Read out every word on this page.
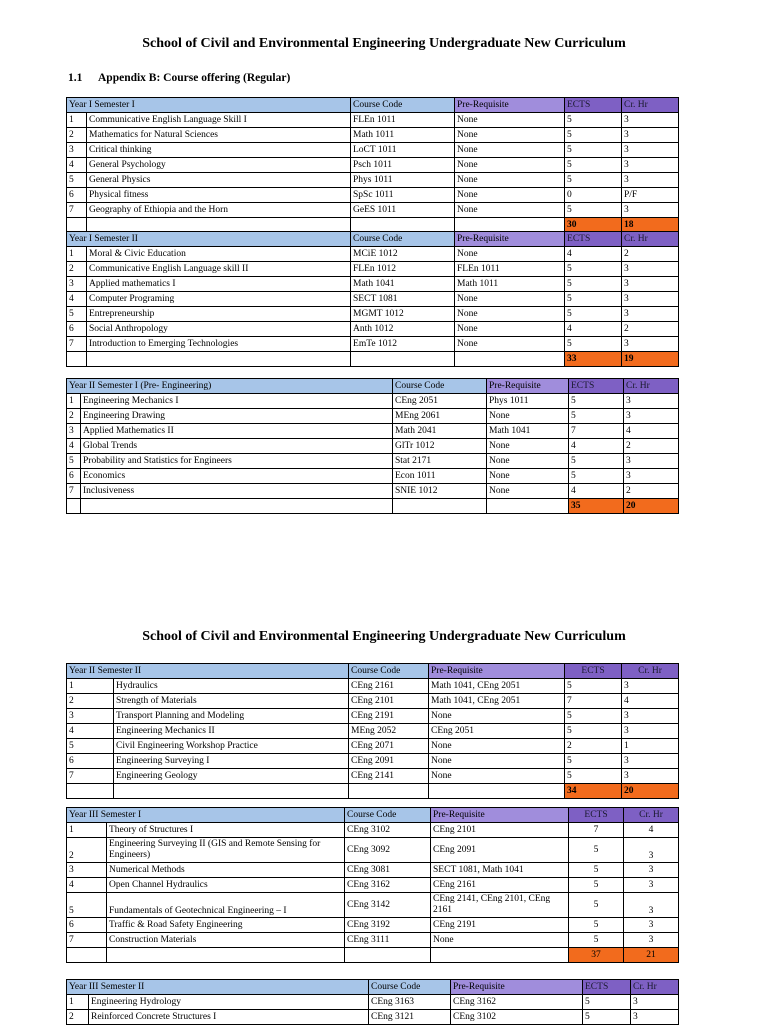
School of Civil and Environmental Engineering Undergraduate New Curriculum
1.1 Appendix B: Course offering (Regular)
Year I Semester I		Course Code	Pre-Requisite	ECTS	Cr. Hr
1	Communicative English Language Skill I	FLEn 1011	None	5	3
2	Mathematics for Natural Sciences	Math 1011	None	5	3
3	Critical thinking	LoCT 1011	None	5	3
4	General Psychology	Psch 1011	None	5	3
5	General Physics	Phys 1011	None	5	3
6	Physical fitness	SpSc 1011	None	0	P/F
7	Geography of Ethiopia and the Horn	GeES 1011	None	5	3
				30	18
Year I Semester II		Course Code	Pre-Requisite	ECTS	Cr. Hr
1	Moral & Civic Education	MCiE 1012	None	4	2
2	Communicative English Language skill II	FLEn 1012	FLEn 1011	5	3
3	Applied mathematics I	Math 1041	Math 1011	5	3
4	Computer Programing	SECT 1081	None	5	3
5	Entrepreneurship	MGMT 1012	None	5	3
6	Social Anthropology	Anth 1012	None	4	2
7	Introduction to Emerging Technologies	EmTe 1012	None	5	3
				33	19
Year II Semester I (Pre- Engineering)		Course Code	Pre-Requisite	ECTS	Cr. Hr
1	Engineering Mechanics I	CEng 2051	Phys 1011	5	3
2	Engineering Drawing	MEng 2061	None	5	3
3	Applied Mathematics II	Math 2041	Math 1041	7	4
4	Global Trends	GlTr 1012	None	4	2
5	Probability and Statistics for Engineers	Stat 2171	None	5	3
6	Economics	Econ 1011	None	5	3
7	Inclusiveness	SNIE 1012	None	4	2
				35	20
School of Civil and Environmental Engineering Undergraduate New Curriculum
Year II Semester II		Course Code	Pre-Requisite	ECTS	Cr. Hr
1	Hydraulics	CEng 2161	Math 1041, CEng 2051	5	3
2	Strength of Materials	CEng 2101	Math 1041, CEng 2051	7	4
3	Transport Planning and Modeling	CEng 2191	None	5	3
4	Engineering Mechanics II	MEng 2052	CEng 2051	5	3
5	Civil Engineering Workshop Practice	CEng 2071	None	2	1
6	Engineering Surveying I	CEng 2091	None	5	3
7	Engineering Geology	CEng 2141	None	5	3
				34	20
Year III Semester I		Course Code	Pre-Requisite	ECTS	Cr. Hr
1	Theory of Structures I	CEng 3102	CEng 2101	7	4
2	Engineering Surveying II (GIS and Remote Sensing for Engineers)	CEng 3092	CEng 2091	5	3
3	Numerical Methods	CEng 3081	SECT 1081, Math 1041	5	3
4	Open Channel Hydraulics	CEng 3162	CEng 2161	5	3
5	Fundamentals of Geotechnical Engineering – I	CEng 3142	CEng 2141, CEng 2101, CEng 2161	5	3
6	Traffic & Road Safety Engineering	CEng 3192	CEng 2191	5	3
7	Construction Materials	CEng 3111	None	5	3
				37	21
Year III Semester II		Course Code	Pre-Requisite	ECTS	Cr. Hr
1	Engineering Hydrology	CEng 3163	CEng 3162	5	3
2	Reinforced Concrete Structures I	CEng 3121	CEng 3102	5	3
